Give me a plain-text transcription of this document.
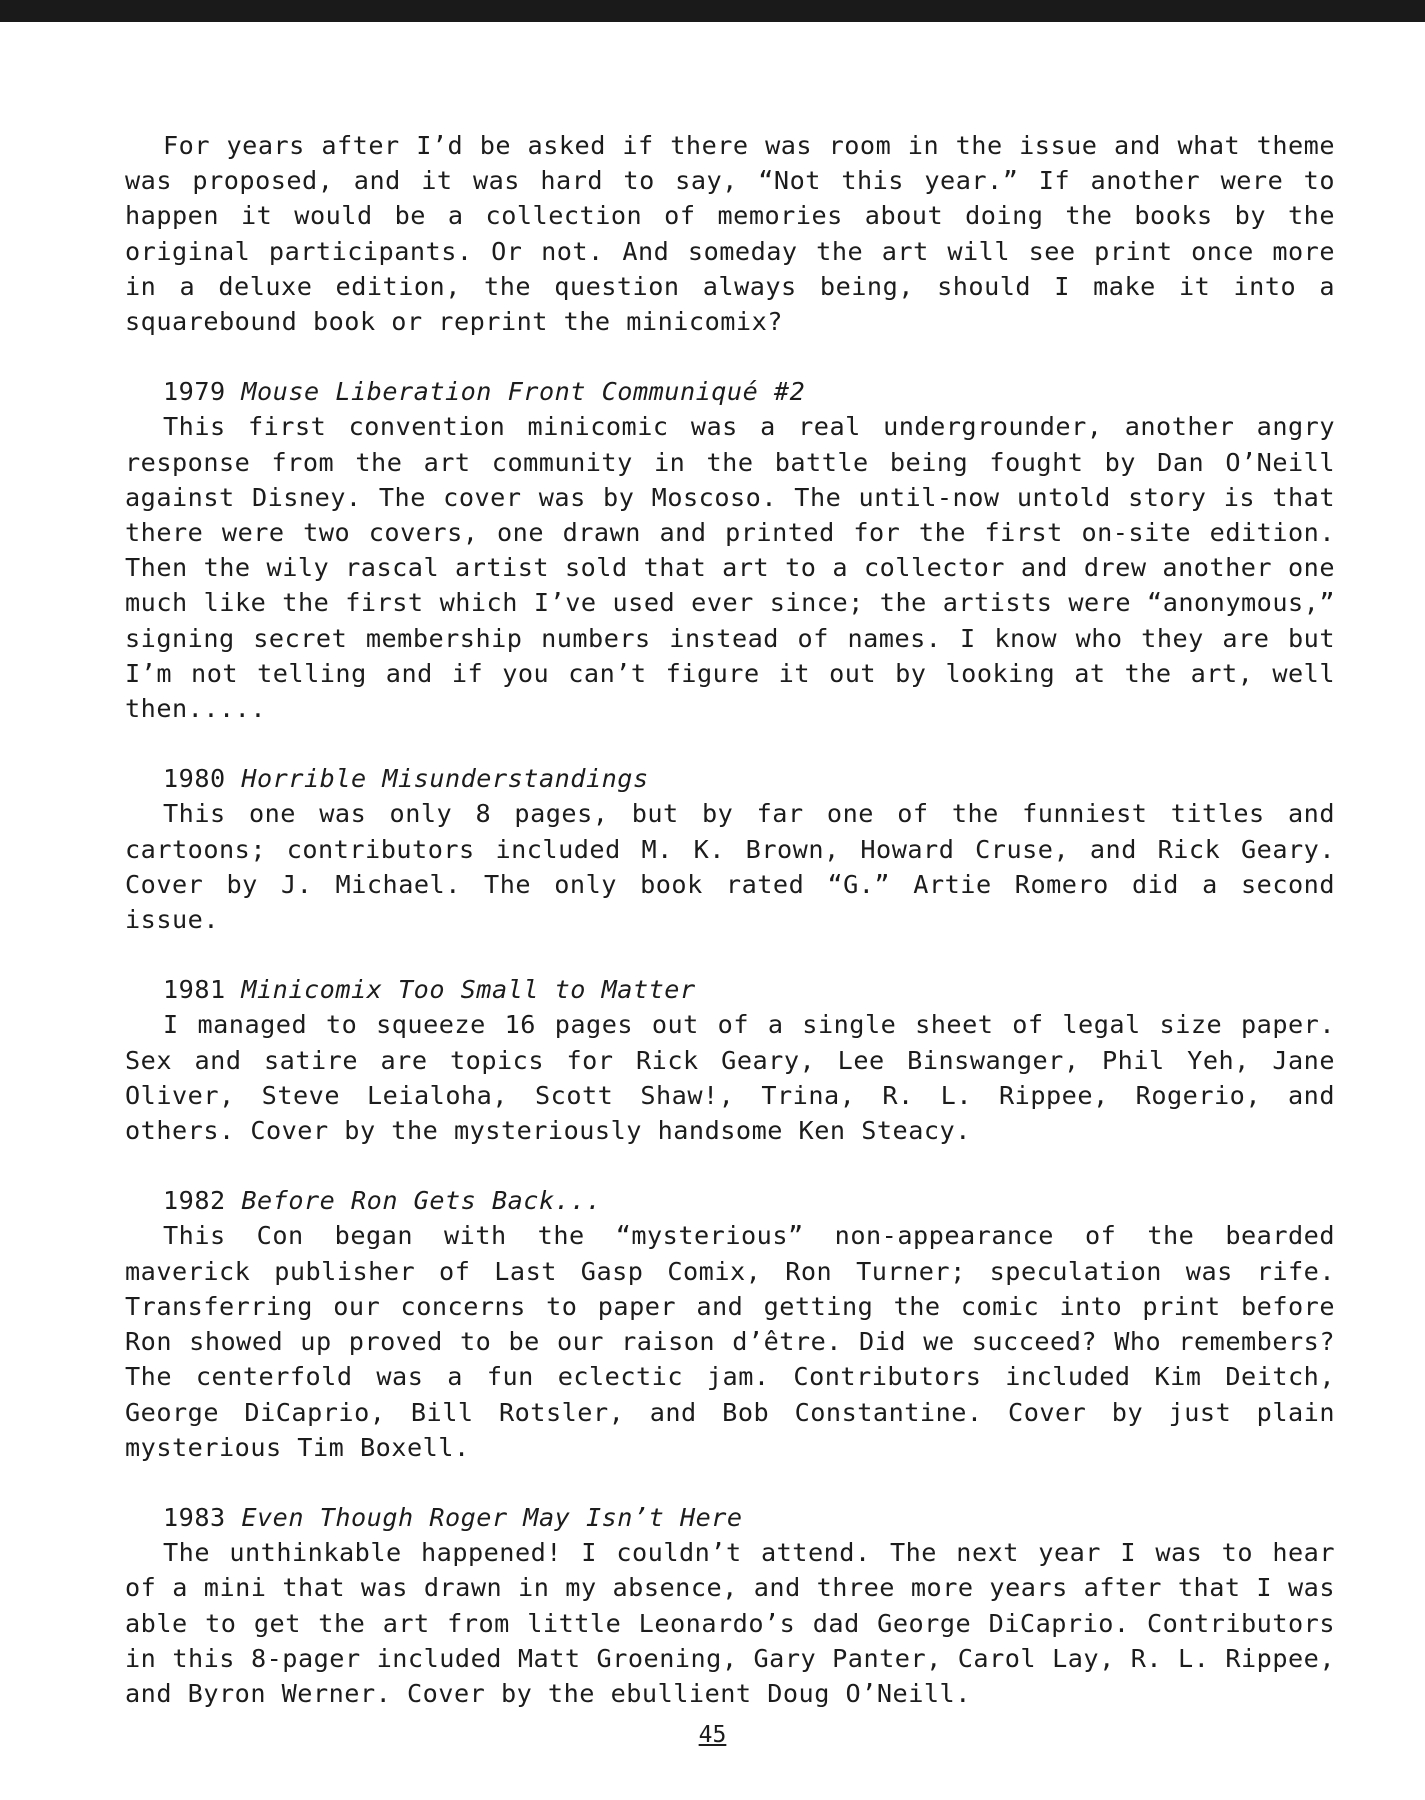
For years after I’d be asked if there was room in the issue and what theme was proposed, and it was hard to say, “Not this year.” If another were to happen it would be a collection of memories about doing the books by the original participants. Or not. And someday the art will see print once more in a deluxe edition, the question always being, should I make it into a squarebound book or reprint the minicomix?

1979 Mouse Liberation Front Communiqué #2

This first convention minicomic was a real undergrounder, another angry response from the art community in the battle being fought by Dan O’Neill against Disney. The cover was by Moscoso. The until-now untold story is that there were two covers, one drawn and printed for the first on-site edition. Then the wily rascal artist sold that art to a collector and drew another one much like the first which I’ve used ever since; the artists were “anonymous,” signing secret membership numbers instead of names. I know who they are but I’m not telling and if you can’t figure it out by looking at the art, well then.....

1980 Horrible Misunderstandings

This one was only 8 pages, but by far one of the funniest titles and cartoons; contributors included M. K. Brown, Howard Cruse, and Rick Geary. Cover by J. Michael. The only book rated “G.” Artie Romero did a second issue.

1981 Minicomix Too Small to Matter

I managed to squeeze 16 pages out of a single sheet of legal size paper. Sex and satire are topics for Rick Geary, Lee Binswanger, Phil Yeh, Jane Oliver, Steve Leialoha, Scott Shaw!, Trina, R. L. Rippee, Rogerio, and others. Cover by the mysteriously handsome Ken Steacy.

1982 Before Ron Gets Back...

This Con began with the “mysterious” non-appearance of the bearded maverick publisher of Last Gasp Comix, Ron Turner; speculation was rife. Transferring our concerns to paper and getting the comic into print before Ron showed up proved to be our raison d’être. Did we succeed? Who remembers? The centerfold was a fun eclectic jam. Contributors included Kim Deitch, George DiCaprio, Bill Rotsler, and Bob Constantine. Cover by just plain mysterious Tim Boxell.

1983 Even Though Roger May Isn’t Here

The unthinkable happened! I couldn’t attend. The next year I was to hear of a mini that was drawn in my absence, and three more years after that I was able to get the art from little Leonardo’s dad George DiCaprio. Contributors in this 8-pager included Matt Groening, Gary Panter, Carol Lay, R. L. Rippee, and Byron Werner. Cover by the ebullient Doug O’Neill.

45
